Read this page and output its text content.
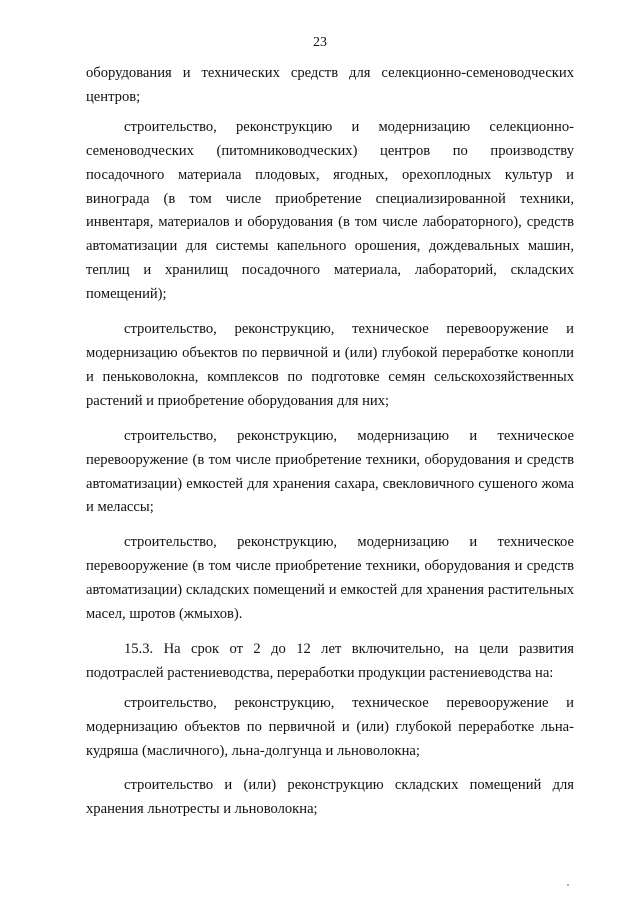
23

оборудования и технических средств для селекционно-семеноводческих центров;

строительство, реконструкцию и модернизацию селекционно-семеноводческих (питомниководческих) центров по производству посадочного материала плодовых, ягодных, орехоплодных культур и винограда (в том числе приобретение специализированной техники, инвентаря, материалов и оборудования (в том числе лабораторного), средств автоматизации для системы капельного орошения, дождевальных машин, теплиц и хранилищ посадочного материала, лабораторий, складских помещений);

строительство, реконструкцию, техническое перевооружение и модернизацию объектов по первичной и (или) глубокой переработке конопли и пеньковолокна, комплексов по подготовке семян сельскохозяйственных растений и приобретение оборудования для них;

строительство, реконструкцию, модернизацию и техническое перевооружение (в том числе приобретение техники, оборудования и средств автоматизации) емкостей для хранения сахара, свекловичного сушеного жома и мелассы;

строительство, реконструкцию, модернизацию и техническое перевооружение (в том числе приобретение техники, оборудования и средств автоматизации) складских помещений и емкостей для хранения растительных масел, шротов (жмыхов).

15.3. На срок от 2 до 12 лет включительно, на цели развития подотраслей растениеводства, переработки продукции растениеводства на:

строительство, реконструкцию, техническое перевооружение и модернизацию объектов по первичной и (или) глубокой переработке льна-кудряша (масличного), льна-долгунца и льноволокна;

строительство и (или) реконструкцию складских помещений для хранения льнотресты и льноволокна;
